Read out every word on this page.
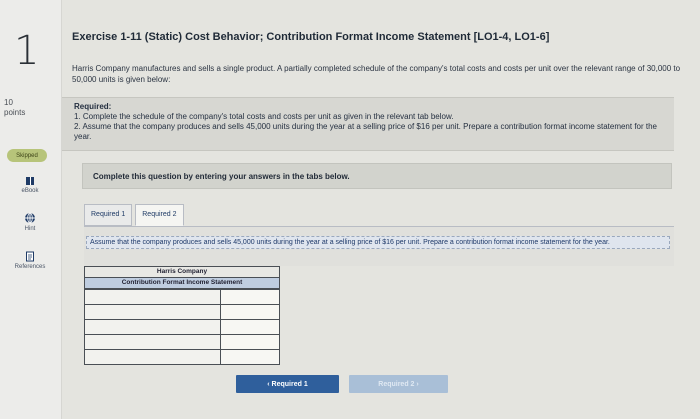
1
10
points
Skipped
eBook
Hint
References
Exercise 1-11 (Static) Cost Behavior; Contribution Format Income Statement [LO1-4, LO1-6]
Harris Company manufactures and sells a single product. A partially completed schedule of the company's total costs and costs per unit over the relevant range of 30,000 to 50,000 units is given below:
Required:
1. Complete the schedule of the company's total costs and costs per unit as given in the relevant tab below.
2. Assume that the company produces and sells 45,000 units during the year at a selling price of $16 per unit. Prepare a contribution format income statement for the year.
Complete this question by entering your answers in the tabs below.
Required 1	Required 2
Assume that the company produces and sells 45,000 units during the year at a selling price of $16 per unit. Prepare a contribution format income statement for the year.
Harris Company
Contribution Format Income Statement

‹ Required 1	Required 2 ›
